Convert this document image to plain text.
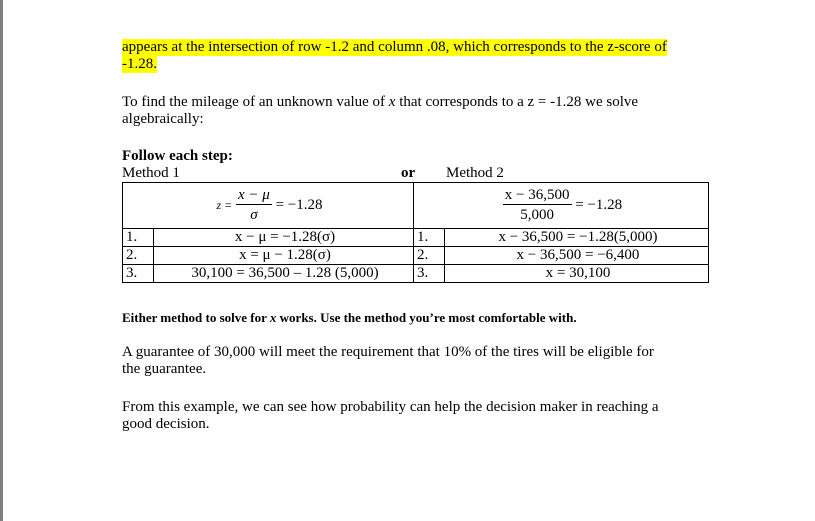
appears at the intersection of row -1.2 and column .08, which corresponds to the z-score of
-1.28.
To find the mileage of an unknown value of x that corresponds to a z = -1.28 we solve
algebraically:
Follow each step:
Method 1	or Method 2
$z = \frac{x - \mu}{\sigma} = -1.28$		$\frac{x - 36,500}{5,000} = -1.28$	
1.	x − μ = −1.28(σ)	1.	x − 36,500 = −1.28(5,000)
2.	x = μ − 1.28(σ)	2.	x − 36,500 = −6,400
3.	30,100 = 36,500 – 1.28 (5,000)	3.	x = 30,100
Either method to solve for x works. Use the method you’re most comfortable with.
A guarantee of 30,000 will meet the requirement that 10% of the tires will be eligible for
the guarantee.
From this example, we can see how probability can help the decision maker in reaching a
good decision.
